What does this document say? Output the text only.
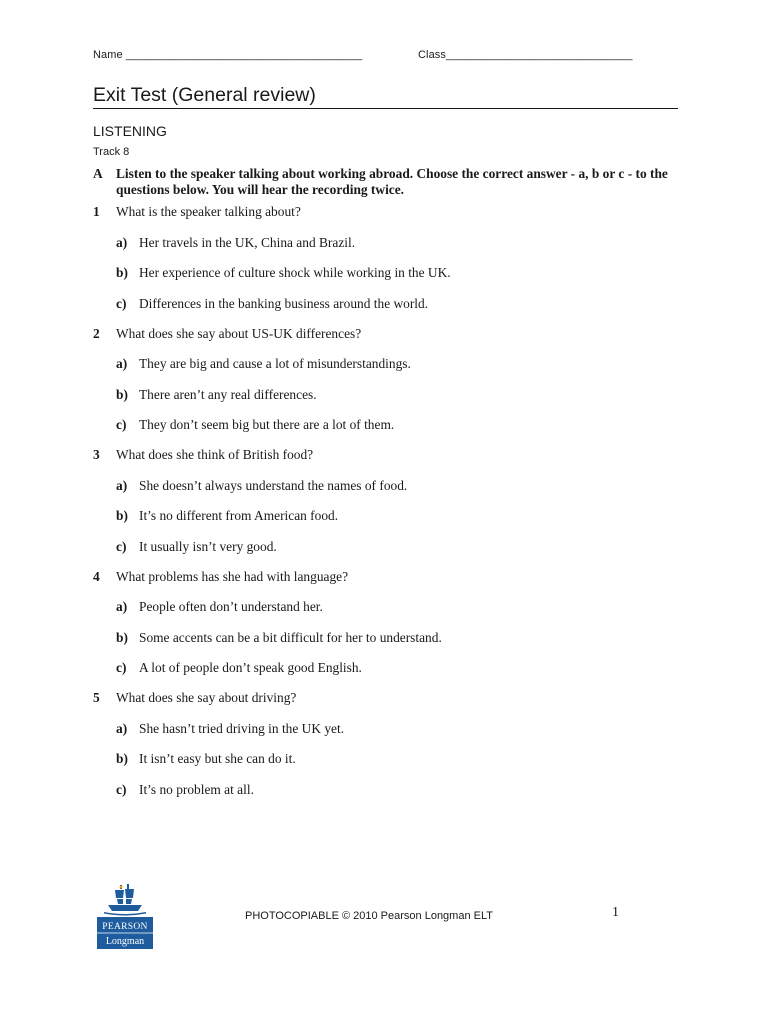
Name ______________________________________	Class______________________________
Exit Test (General review)
LISTENING
Track 8
A Listen to the speaker talking about working abroad. Choose the correct answer - a, b or c - to the questions below. You will hear the recording twice.
1 What is the speaker talking about?
a) Her travels in the UK, China and Brazil.
b) Her experience of culture shock while working in the UK.
c) Differences in the banking business around the world.
2 What does she say about US-UK differences?
a) They are big and cause a lot of misunderstandings.
b) There aren’t any real differences.
c) They don’t seem big but there are a lot of them.
3 What does she think of British food?
a) She doesn’t always understand the names of food.
b) It’s no different from American food.
c) It usually isn’t very good.
4 What problems has she had with language?
a) People often don’t understand her.
b) Some accents can be a bit difficult for her to understand.
c) A lot of people don’t speak good English.
5 What does she say about driving?
a) She hasn’t tried driving in the UK yet.
b) It isn’t easy but she can do it.
c) It’s no problem at all.
PEARSON
Longman
PHOTOCOPIABLE © 2010 Pearson Longman ELT	1
